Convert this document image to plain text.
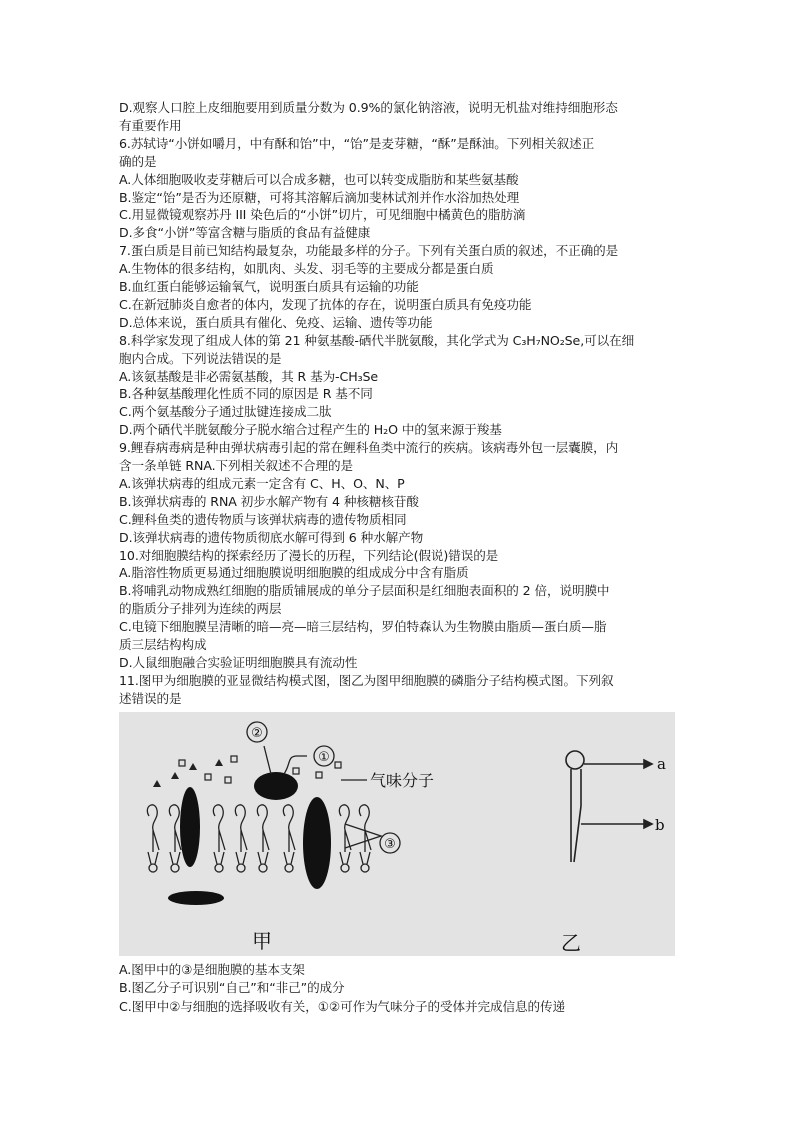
D.观察人口腔上皮细胞要用到质量分数为 0.9%的氯化钠溶液，说明无机盐对维持细胞形态
有重要作用
6.苏轼诗“小饼如嚼月，中有酥和饴”中，“饴”是麦芽糖，“酥”是酥油。下列相关叙述正
确的是
A.人体细胞吸收麦芽糖后可以合成多糖，也可以转变成脂肪和某些氨基酸
B.鉴定“饴”是否为还原糖，可将其溶解后滴加斐林试剂并作水浴加热处理
C.用显微镜观察苏丹 III 染色后的“小饼”切片，可见细胞中橘黄色的脂肪滴
D.多食“小饼”等富含糖与脂质的食品有益健康
7.蛋白质是目前已知结构最复杂，功能最多样的分子。下列有关蛋白质的叙述，不正确的是
A.生物体的很多结构，如肌肉、头发、羽毛等的主要成分都是蛋白质
B.血红蛋白能够运输氧气，说明蛋白质具有运输的功能
C.在新冠肺炎自愈者的体内，发现了抗体的存在，说明蛋白质具有免疫功能
D.总体来说，蛋白质具有催化、免疫、运输、遗传等功能
8.科学家发现了组成人体的第 21 种氨基酸-硒代半胱氨酸，其化学式为 C₃H₇NO₂Se,可以在细
胞内合成。下列说法错误的是
A.该氨基酸是非必需氨基酸，其 R 基为-CH₃Se
B.各种氨基酸理化性质不同的原因是 R 基不同
C.两个氨基酸分子通过肽键连接成二肽
D.两个硒代半胱氨酸分子脱水缩合过程产生的 H₂O 中的氢来源于羧基
9.鲤春病毒病是种由弹状病毒引起的常在鲤科鱼类中流行的疾病。该病毒外包一层囊膜，内
含一条单链 RNA.下列相关叙述不合理的是
A.该弹状病毒的组成元素一定含有 C、H、O、N、P
B.该弹状病毒的 RNA 初步水解产物有 4 种核糖核苷酸
C.鲤科鱼类的遗传物质与该弹状病毒的遗传物质相同
D.该弹状病毒的遗传物质彻底水解可得到 6 种水解产物
10.对细胞膜结构的探索经历了漫长的历程，下列结论(假说)错误的是
A.脂溶性物质更易通过细胞膜说明细胞膜的组成成分中含有脂质
B.将哺乳动物成熟红细胞的脂质铺展成的单分子层面积是红细胞表面积的 2 倍，说明膜中
的脂质分子排列为连续的两层
C.电镜下细胞膜呈清晰的暗—亮—暗三层结构，罗伯特森认为生物膜由脂质—蛋白质—脂
质三层结构构成
D.人鼠细胞融合实验证明细胞膜具有流动性
11.图甲为细胞膜的亚显微结构模式图，图乙为图甲细胞膜的磷脂分子结构模式图。下列叙
述错误的是
②
①
③
气味分子
a
b
甲	乙
A.图甲中的③是细胞膜的基本支架
B.图乙分子可识别“自己”和“非己”的成分
C.图甲中②与细胞的选择吸收有关，①②可作为气味分子的受体并完成信息的传递
